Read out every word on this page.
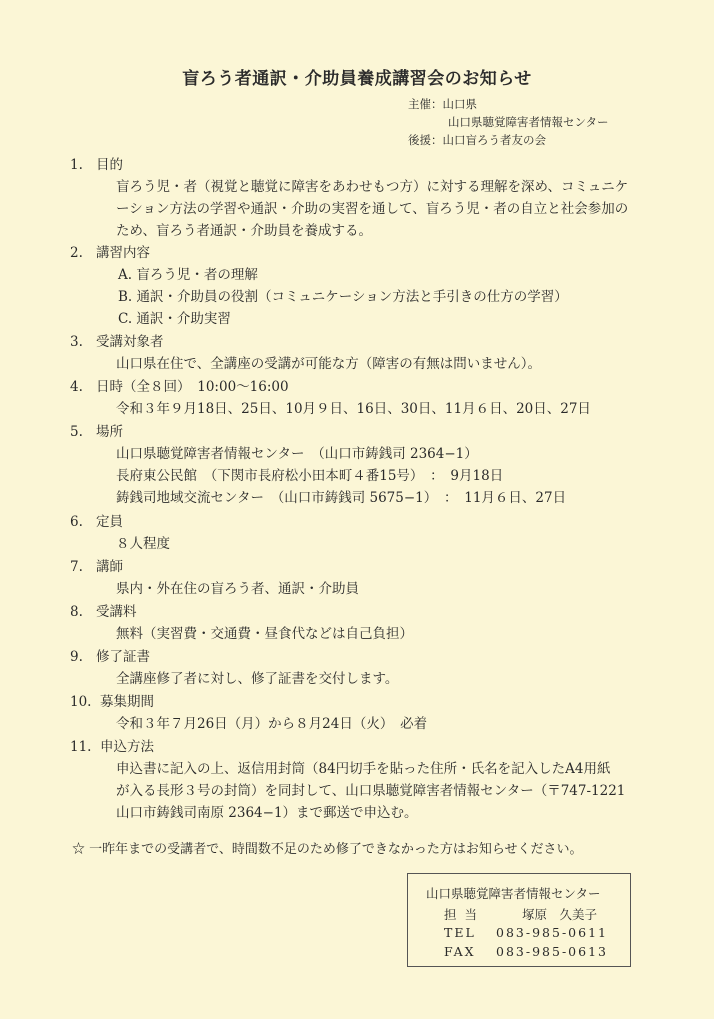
盲ろう者通訳・介助員養成講習会のお知らせ
主催：山口県
山口県聴覚障害者情報センター
後援：山口盲ろう者友の会
1. 目的
盲ろう児・者（視覚と聴覚に障害をあわせもつ方）に対する理解を深め、コミュニケ
ーション方法の学習や通訳・介助の実習を通して、盲ろう児・者の自立と社会参加の
ため、盲ろう者通訳・介助員を養成する。
2. 講習内容
A. 盲ろう児・者の理解
B. 通訳・介助員の役割（コミュニケーション方法と手引きの仕方の学習）
C. 通訳・介助実習
3. 受講対象者
山口県在住で、全講座の受講が可能な方（障害の有無は問いません）。
4. 日時（全８回）　10:00〜16:00
令和３年９月18日、25日、10月９日、16日、30日、11月６日、20日、27日
5. 場所
山口県聴覚障害者情報センター　（山口市鋳銭司 2364−1）
長府東公民館　（下関市長府松小田本町４番15号）　：　9月18日
鋳銭司地域交流センター　（山口市鋳銭司 5675−1）　：　11月６日、27日
6. 定員
８人程度
7. 講師
県内・外在住の盲ろう者、通訳・介助員
8. 受講料
無料（実習費・交通費・昼食代などは自己負担）
9. 修了証書
全講座修了者に対し、修了証書を交付します。
10. 募集期間
令和３年７月26日（月）から８月24日（火）　必着
11. 申込方法
申込書に記入の上、返信用封筒（84円切手を貼った住所・氏名を記入したA4用紙
が入る長形３号の封筒）を同封して、山口県聴覚障害者情報センター（〒747-1221
山口市鋳銭司南原 2364−1）まで郵送で申込む。
☆ 一昨年までの受講者で、時間数不足のため修了できなかった方はお知らせください。
山口県聴覚障害者情報センター
担当	塚原　久美子
TEL 083-985-0611
FAX 083-985-0613
